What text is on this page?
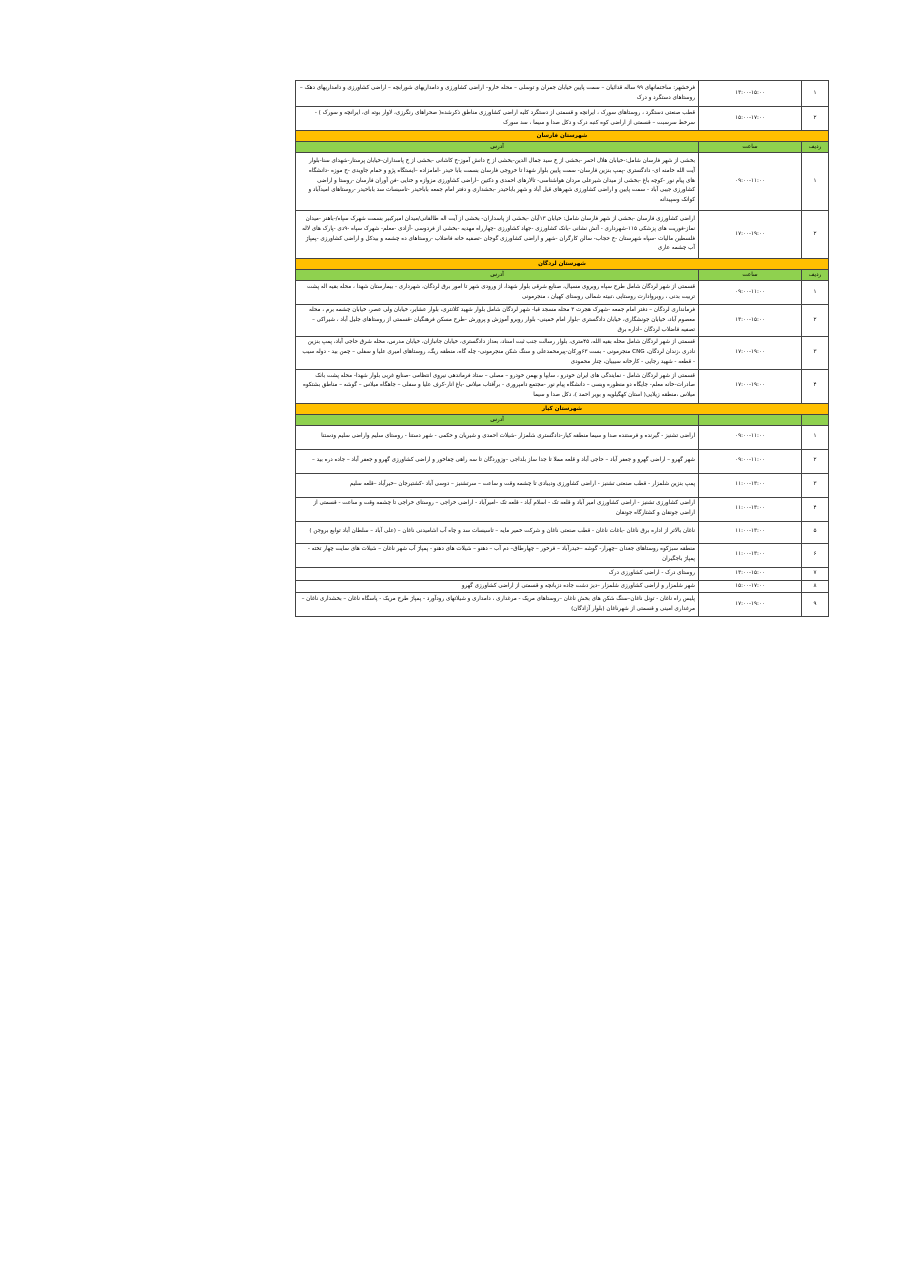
۱	۱۳:۰۰-۱۵:۰۰	فرخشهر: ساختمانهای ۹۹ ساله قدائیان – سمت پایین خیابان جمران و توسلی – محله خارو– اراضی کشاورزی و دامداریهای شورابچه – اراضی کشاورزی و دامداریهای دهک – روستاهای دستگرد و درک
۲	۱۵:۰۰-۱۷:۰۰	قطب صنعتی دستگرد ، روستاهای سورک ، ایرانچه و قسمتی از دستگرد کلیه اراضی کشاورزی مناطق ذکرشده( صحراهای رنگرزی، لاوار بوته ای، ایرانچه و سورک ) - سرخط سرسبت – قسمتی از اراضی کوه کنبه درک و دکل صدا و سیما ، سد سورک
شهرستان فارسان		
ردیف	ساعت	آدرس
۱	۰۹:۰۰-۱۱:۰۰	بخشی از شهر فارسان شامل:-خیابان هلال احمر -بخشی از خ سید جمال الدین-بخشی از خ دانش آموز-خ کاشانی -بخشی از خ پاسداران-خیابان پرستار-شهدای سنا-بلوار آیت الله خامنه ای- دادگستری -پمپ بنزین فارسان- سمت پایین بلوار شهدا تا خروجی فارسان بسمت بابا حیدر -امامزاده –ایستگاه پژو و حمام جاویدی -خ موزه -دانشگاه های پیام نور -کوچه باغ -بخشی از میدان شیرعلی مردان هواشناسی- تالارهای احمدی و دکتین –اراضی کشاورزی مزوازه و خنایی -فن آوران فارسان -روستا و اراضی کشاورزی جیبی آباد - سمت پایین و اراضی کشاورزی شهرهای قیل آباد و شهر باباحیدر -بخشداری و دفتر امام جمعه باباحیدر -تاسیسات سد باباحیدر -روستاهای امیدآباد و کوانک وسپیدانه
۲	۱۷:۰۰-۱۹:۰۰	اراضی کشاورزی فارسان -بخشی از شهر فارسان شامل: خیابان ۱۳آبان -بخشی از پاسداران- بخشی از آیت اله طالقانی/میدان امیرکبیر بسمت شهرک سپاه/-باهنر -میدان نماز-فوریت های پزشکی ۱۱۵-شهرداری - آتش نشانی -بانک کشاورزی -جهاد کشاورزی -چهارراه مهدیه -بخشی از فردوسی -آزادی -معلم- شهرک سپاه -۹دی -پارک های لاله فلسطین مالیات -سپاه شهرستان -خ حجاب- سالن کارگران -شهر و اراضی کشاورزی گوجان -تصفیه خانه فاضلاب -روستاهای ده چشمه و بیدکل و اراضی کشاورزی -پمپاژ آب چشمه عاری
شهرستان لردگان		
ردیف	ساعت	آدرس
۱	۰۹:۰۰-۱۱:۰۰	قسمتی از شهر لردگان شامل طرح سپاه روبروی مسیال، صنایع شرقی بلوار شهدا، از ورودی شهر تا امور برق لردگان، شهرداری - بیمارستان شهدا ، محله بقیه اله پشت تربیت بدنی ، روبروادارت روستایی ،تبیته شمالی روستای کهیان ، منجرمونی
۲	۱۳:۰۰-۱۵:۰۰	فرمانداری لردگان – دفتر امام جمعه -شهرک هجرت ۳ محله مسجد قبا- شهر لردگان شامل بلوار شهید کلانتری، بلوار عشایر، خیابان ولی عصر، خیابان چشمه برم ، محله معصوم آباد، خیابان جونشگاری، خیابان دادگستری -بلوار امام خمینی- بلوار روبرو آموزش و پرورش -طرح مسکن فرهنگیان -قسمتی از روستاهای جلیل آباد ، شیراکی – تصفیه فاضلاب لردگان –اداره برق
۳	۱۷:۰۰-۱۹:۰۰	قسمتی از شهر لردگان شامل محله بقیه الله، ۴۵متری، بلوار رسالت جنب ثبت اسناد، بعداز دادگستری، خیابان جانبازان، خیابان مدرس، محله شرق حاجی آباد، پمپ بنزین نادری ،زندان لردگان، CNG منجرمونی - بست ۶۳ورکان-پیرمحمدعلی و سنگ شکن منجرمونی- چله گاه، منطقه ریگ، روستاهای امیری علیا و سفلی – چمن بید - دوله سیب - قطعه - شهید رجایی - کارخانه سیبیان، چنار محمودی
۴	۱۷:۰۰-۱۹:۰۰	قسمتی از شهر لردگان شامل - نمایندگی های ایران خودرو ، سایپا و بهمن خودرو – مصلی – ستاد فرماندهی نیروی انتظامی -صنایع غربی بلوار شهدا- محله پشت بانک صادرات-خانه معلم- جایگاه دو منظوره وبسی – دانشگاه پیام نور -مجتمع دامپروری - برآفتاب میلاس -باغ انار-کرف علیا و سفلی – جاهگاه میلاس – گوشه – مناطق بشتکوه میلاس ،منطقه زیلایی( استان کهگیلویه و بویر احمد )، دکل صدا و سیما
شهرستان کیار		
		آدرس
۱	۰۹:۰۰-۱۱:۰۰	اراضی تشنیز - گیرنده و فرستنده صدا و سیما منطقه کیار-دادگستری شلمزار -شیلات احمدی و شیریان و حکمی - شهر دستنا - روستای سلیم واراضی سلیم ودستنا
۲	۰۹:۰۰-۱۱:۰۰	شهر گهرو – اراضی گهرو و جعفر آباد – حاجی آباد و قلعه مملا تا جدا ساز بلداجی –وزوردگان تا سه راهی چفاخور و اراضی کشاورزی گهرو و جعفر آباد – جاده دره بید –
۳	۱۱:۰۰-۱۳:۰۰	پمپ بنزین شلمزار - قطب صنعتی تشنیز - اراضی کشاورزی ودیبادی تا چشمه وقت و ساعت – سرتشنیز – دوسی آباد -کشتیرجان –خیرآباد –قلعه سلیم
۴	۱۱:۰۰-۱۳:۰۰	اراضی کشاورزی تشنیز - اراضی کشاورزی امیر آباد و قلعه تک - اسلام آباد - قلعه تک –امیرآباد - اراضی خراجی – روستای خراجی تا چشمه وقت و ساعت - قسمتی از اراضی جونقان و کشتارگاه جونقان
۵	۱۱:۰۰-۱۳:۰۰	ناغان بالاتر از اداره برق ناغان -باغات ناغان - قطب صنعتی ناغان و شرکت خمیر مایه – تاسیسات سد و چاه آب اشامیدنی ناغان – (علی آباد – سلطان آباد توابع بروجن )
۶	۱۱:۰۰-۱۳:۰۰	منطقه سبزکوه روستاهای جغدان –چهرار- گوشه –حیدرآباد – فرخور – چهارطاق– دم آب – دهنو – شیلات های دهنو - پمپاژ آب شهر ناغان – شیلات های سایت چهار تخته - پمپاژ باجگیران
۷	۱۳:۰۰-۱۵:۰۰	روستای درک - اراضی کشاورزی درک
۸	۱۵:۰۰-۱۷:۰۰	شهر شلمزار و اراضی کشاورزی شلمزار –دیز دشت جاده دزبانچه و قسمتی از اراضی کشاورزی گهرو
۹	۱۷:۰۰-۱۹:۰۰	پلیس راه ناغان - تونل ناغان–سنگ شکن های بخش ناغان –روستاهای مریک - مرغداری ، دامداری و شیلاتهای رودآورد - پمپاژ طرح مریک - پاسگاه ناغان – بخشداری ناغان – مرغداری امینی و قسمتی از شهرناغان (بلوار آزادگان)
